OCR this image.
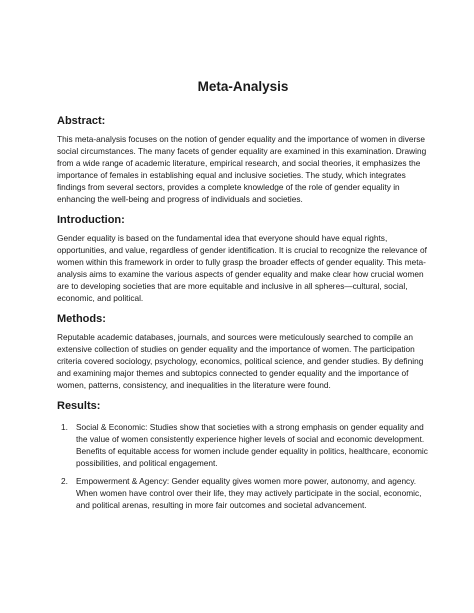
Meta-Analysis
Abstract:

This meta-analysis focuses on the notion of gender equality and the importance of women in diverse social circumstances. The many facets of gender equality are examined in this examination. Drawing from a wide range of academic literature, empirical research, and social theories, it emphasizes the importance of females in establishing equal and inclusive societies. The study, which integrates findings from several sectors, provides a complete knowledge of the role of gender equality in enhancing the well-being and progress of individuals and societies.

Introduction:

Gender equality is based on the fundamental idea that everyone should have equal rights, opportunities, and value, regardless of gender identification. It is crucial to recognize the relevance of women within this framework in order to fully grasp the broader effects of gender equality. This meta-analysis aims to examine the various aspects of gender equality and make clear how crucial women are to developing societies that are more equitable and inclusive in all spheres—cultural, social, economic, and political.

Methods:

Reputable academic databases, journals, and sources were meticulously searched to compile an extensive collection of studies on gender equality and the importance of women. The participation criteria covered sociology, psychology, economics, political science, and gender studies. By defining and examining major themes and subtopics connected to gender equality and the importance of women, patterns, consistency, and inequalities in the literature were found.

Results:
1. Social & Economic: Studies show that societies with a strong emphasis on gender equality and the value of women consistently experience higher levels of social and economic development. Benefits of equitable access for women include gender equality in politics, healthcare, economic possibilities, and political engagement.
2. Empowerment & Agency: Gender equality gives women more power, autonomy, and agency. When women have control over their life, they may actively participate in the social, economic, and political arenas, resulting in more fair outcomes and societal advancement.
